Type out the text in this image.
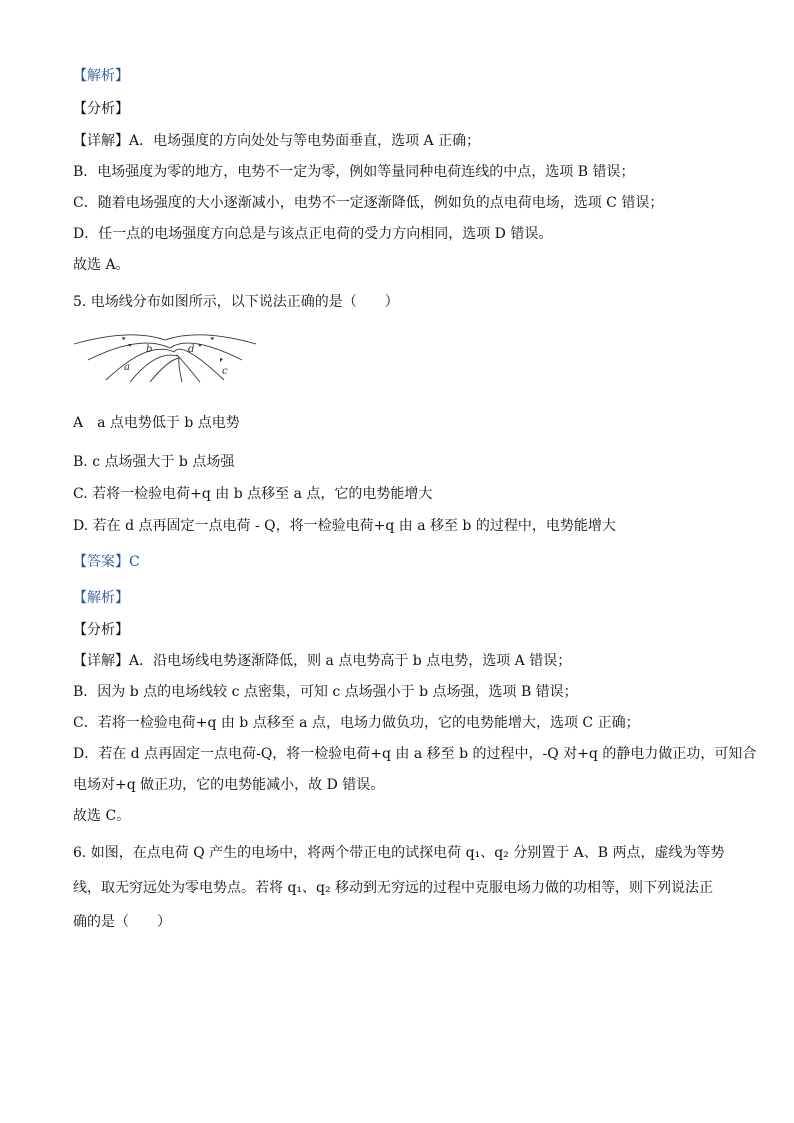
【解析】
【分析】
【详解】A．电场强度的方向处处与等电势面垂直，选项 A 正确；
B．电场强度为零的地方，电势不一定为零，例如等量同种电荷连线的中点，选项 B 错误；
C．随着电场强度的大小逐渐减小，电势不一定逐渐降低，例如负的点电荷电场，选项 C 错误；
D．任一点的电场强度方向总是与该点正电荷的受力方向相同，选项 D 错误。
故选 A。
5. 电场线分布如图所示，以下说法正确的是（　　）
A　a 点电势低于 b 点电势
B. c 点场强大于 b 点场强
C. 若将一检验电荷+q 由 b 点移至 a 点，它的电势能增大
D. 若在 d 点再固定一点电荷 - Q，将一检验电荷+q 由 a 移至 b 的过程中，电势能增大
【答案】C
【解析】
【分析】
【详解】A．沿电场线电势逐渐降低，则 a 点电势高于 b 点电势，选项 A 错误；
B．因为 b 点的电场线较 c 点密集，可知 c 点场强小于 b 点场强，选项 B 错误；
C．若将一检验电荷+q 由 b 点移至 a 点，电场力做负功，它的电势能增大，选项 C 正确；
D．若在 d 点再固定一点电荷-Q，将一检验电荷+q 由 a 移至 b 的过程中，-Q 对+q 的静电力做正功，可知合
电场对+q 做正功，它的电势能减小，故 D 错误。
故选 C。
6. 如图，在点电荷 Q 产生的电场中，将两个带正电的试探电荷 q₁、q₂ 分别置于 A、B 两点，虚线为等势
线，取无穷远处为零电势点。若将 q₁、q₂ 移动到无穷远的过程中克服电场力做的功相等，则下列说法正
确的是（　　）
b	d
a	c
